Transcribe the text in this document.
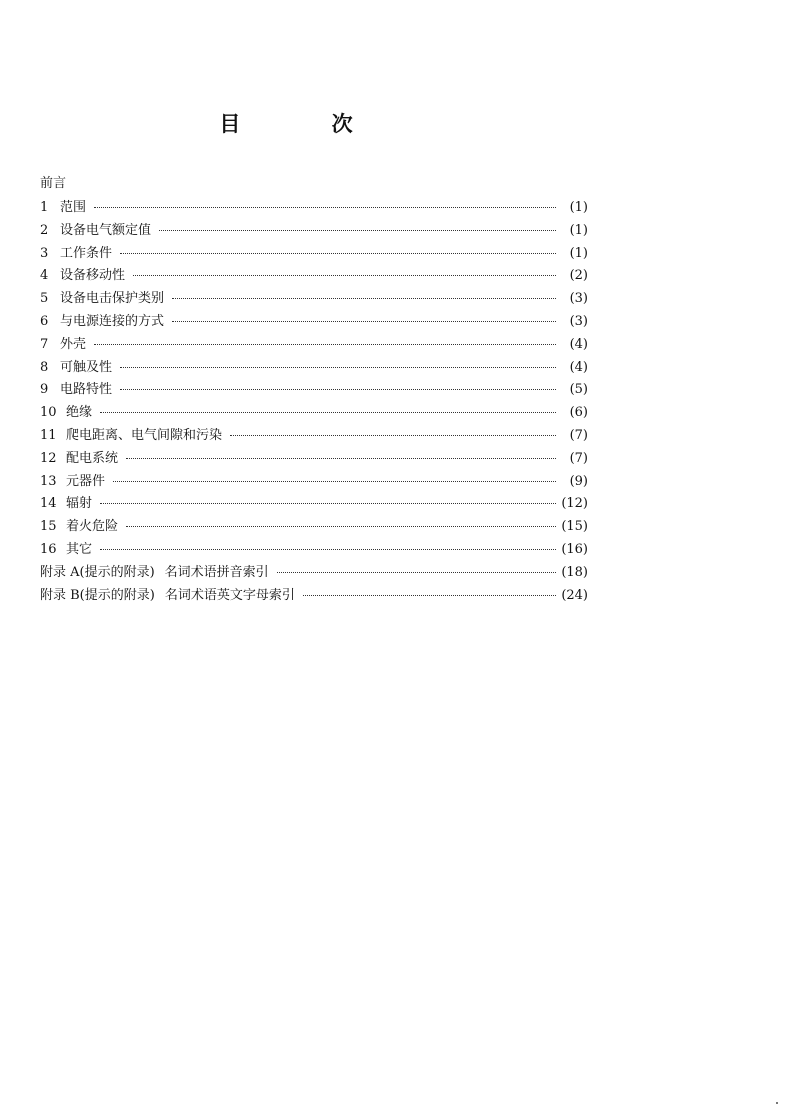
目 次
前言
1 范围	(1)
2 设备电气额定值	(1)
3 工作条件	(1)
4 设备移动性	(2)
5 设备电击保护类别	(3)
6 与电源连接的方式	(3)
7 外壳	(4)
8 可触及性	(4)
9 电路特性	(5)
10 绝缘	(6)
11 爬电距离、电气间隙和污染	(7)
12 配电系统	(7)
13 元器件	(9)
14 辐射	(12)
15 着火危险	(15)
16 其它	(16)
附录 A(提示的附录) 名词术语拼音索引	(18)
附录 B(提示的附录) 名词术语英文字母索引	(24)
